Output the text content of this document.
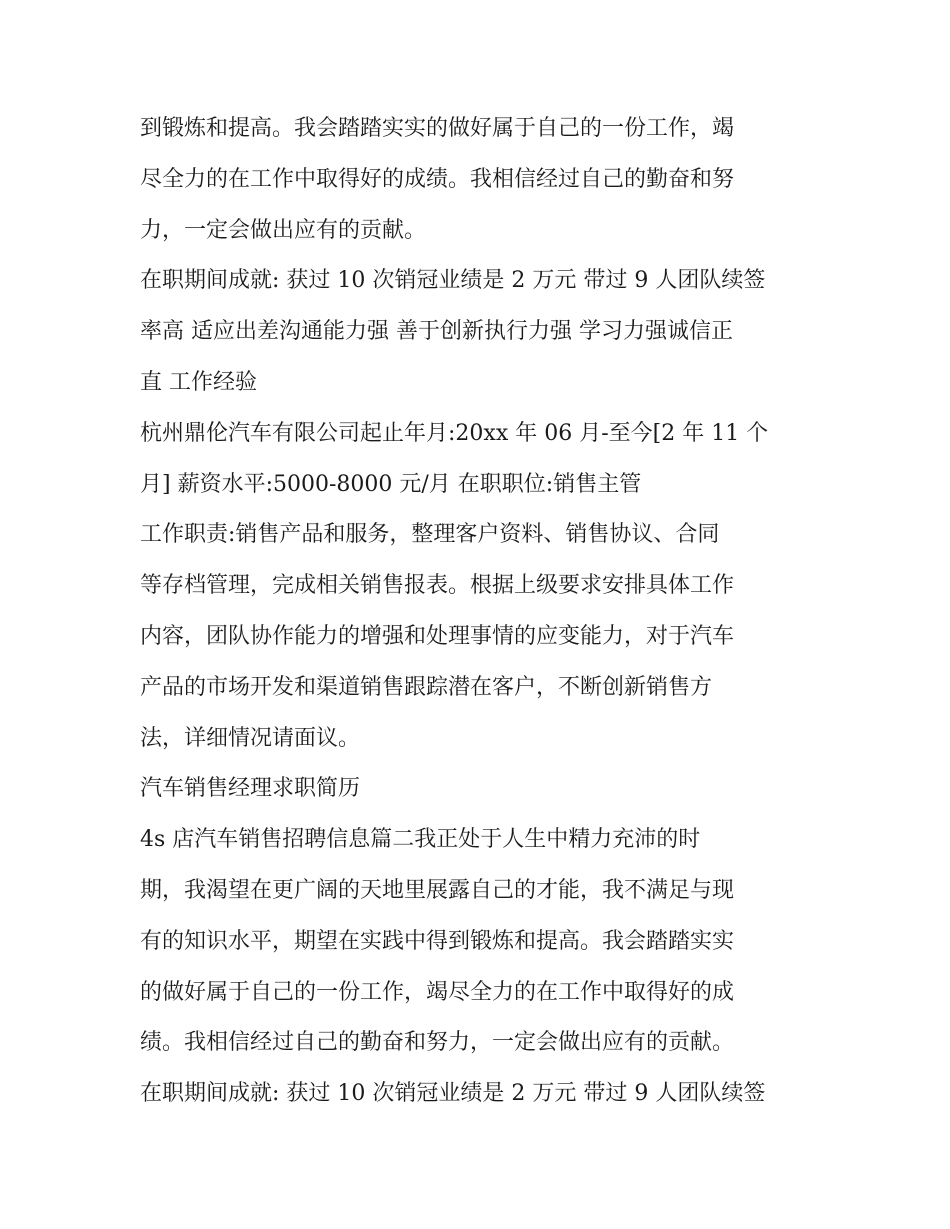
到锻炼和提高。我会踏踏实实的做好属于自己的一份工作，竭
尽全力的在工作中取得好的成绩。我相信经过自己的勤奋和努
力，一定会做出应有的贡献。
在职期间成就: 获过 10 次销冠业绩是 2 万元 带过 9 人团队续签
率高 适应出差沟通能力强 善于创新执行力强 学习力强诚信正
直 工作经验
杭州鼎伦汽车有限公司起止年月:20xx 年 06 月-至今[2 年 11 个
月] 薪资水平:5000-8000 元/月 在职职位:销售主管
工作职责:销售产品和服务，整理客户资料、销售协议、合同
等存档管理，完成相关销售报表。根据上级要求安排具体工作
内容，团队协作能力的增强和处理事情的应变能力，对于汽车
产品的市场开发和渠道销售跟踪潜在客户，不断创新销售方
法，详细情况请面议。
汽车销售经理求职简历
4s 店汽车销售招聘信息篇二我正处于人生中精力充沛的时
期，我渴望在更广阔的天地里展露自己的才能，我不满足与现
有的知识水平，期望在实践中得到锻炼和提高。我会踏踏实实
的做好属于自己的一份工作，竭尽全力的在工作中取得好的成
绩。我相信经过自己的勤奋和努力，一定会做出应有的贡献。
在职期间成就: 获过 10 次销冠业绩是 2 万元 带过 9 人团队续签
